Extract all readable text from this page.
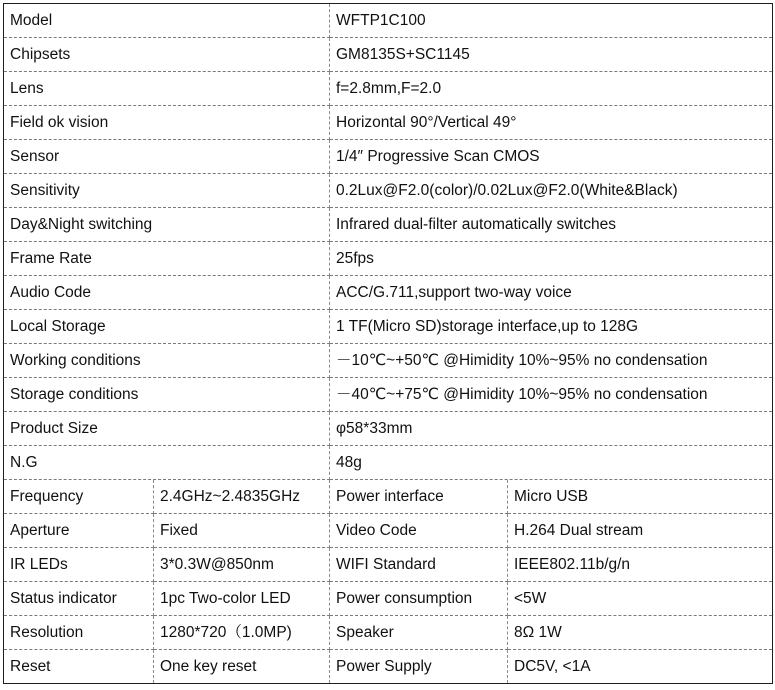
Model		WFTP1C100	
Chipsets		GM8135S+SC1145	
Lens		f=2.8mm,F=2.0	
Field ok vision		Horizontal 90°/Vertical 49°	
Sensor		1/4″ Progressive Scan CMOS	
Sensitivity		0.2Lux@F2.0(color)/0.02Lux@F2.0(White&Black)	
Day&Night switching		Infrared dual-filter automatically switches	
Frame Rate		25fps	
Audio Code		ACC/G.711,support two-way voice	
Local Storage		1 TF(Micro SD)storage interface,up to 128G	
Working conditions		－10℃~+50℃ @Himidity 10%~95% no condensation	
Storage conditions		－40℃~+75℃ @Himidity 10%~95% no condensation	
Product Size		φ58*33mm	
N.G		48g	
Frequency	2.4GHz~2.4835GHz	Power interface	Micro USB
Aperture	Fixed	Video Code	H.264 Dual stream
IR LEDs	3*0.3W@850nm	WIFI Standard	IEEE802.11b/g/n
Status indicator	1pc Two-color LED	Power consumption	<5W
Resolution	1280*720（1.0MP)	Speaker	8Ω 1W
Reset	One key reset	Power Supply	DC5V, <1A
